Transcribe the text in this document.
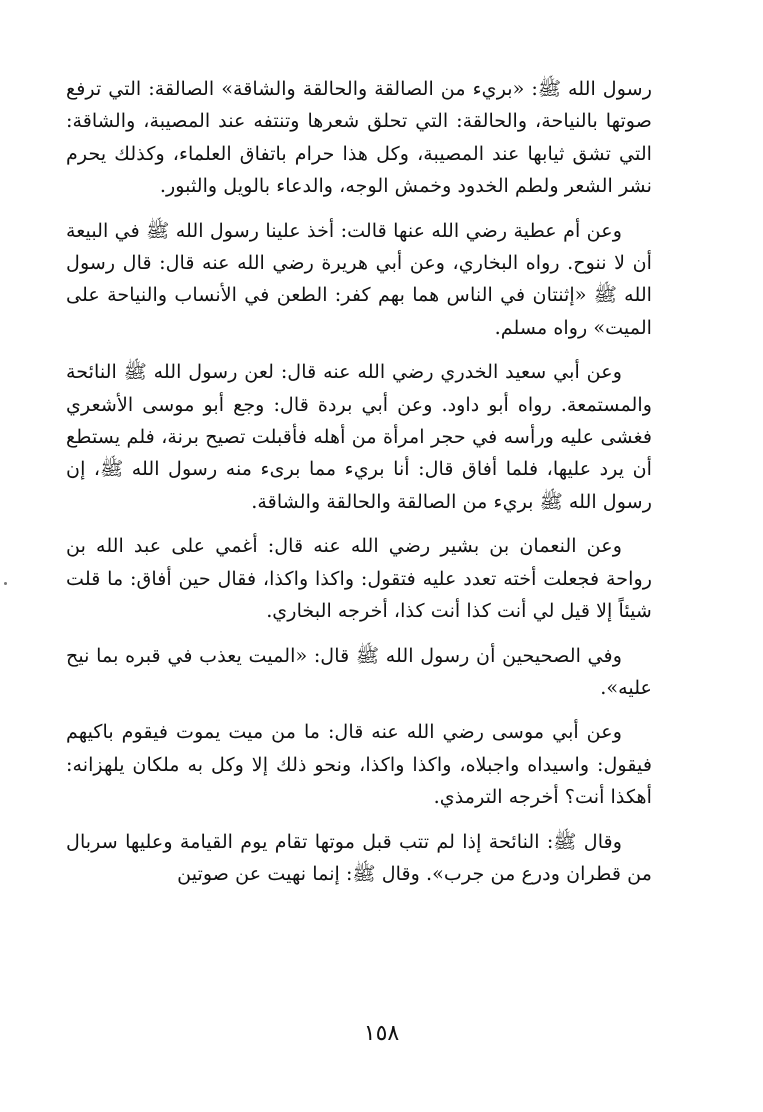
رسول الله ﷺ: «بريء من الصالقة والحالقة والشاقة» الصالقة: التي ترفع صوتها بالنياحة، والحالقة: التي تحلق شعرها وتنتفه عند المصيبة، والشاقة: التي تشق ثيابها عند المصيبة، وكل هذا حرام باتفاق العلماء، وكذلك يحرم نشر الشعر ولطم الخدود وخمش الوجه، والدعاء بالويل والثبور.

وعن أم عطية رضي الله عنها قالت: أخذ علينا رسول الله ﷺ في البيعة أن لا ننوح. رواه البخاري، وعن أبي هريرة رضي الله عنه قال: قال رسول الله ﷺ «إثنتان في الناس هما بهم كفر: الطعن في الأنساب والنياحة على الميت» رواه مسلم.

وعن أبي سعيد الخدري رضي الله عنه قال: لعن رسول الله ﷺ النائحة والمستمعة. رواه أبو داود. وعن أبي بردة قال: وجع أبو موسى الأشعري فغشى عليه ورأسه في حجر امرأة من أهله فأقبلت تصيح برنة، فلم يستطع أن يرد عليها، فلما أفاق قال: أنا بريء مما برىء منه رسول الله ﷺ، إن رسول الله ﷺ بريء من الصالقة والحالقة والشاقة.

وعن النعمان بن بشير رضي الله عنه قال: أغمي على عبد الله بن رواحة فجعلت أخته تعدد عليه فتقول: واكذا واكذا، فقال حين أفاق: ما قلت شيئاً إلا قيل لي أنت كذا أنت كذا، أخرجه البخاري.

وفي الصحيحين أن رسول الله ﷺ قال: «الميت يعذب في قبره بما نيح عليه».

وعن أبي موسى رضي الله عنه قال: ما من ميت يموت فيقوم باكيهم فيقول: واسيداه واجبلاه، واكذا واكذا، ونحو ذلك إلا وكل به ملكان يلهزانه: أهكذا أنت؟ أخرجه الترمذي.

وقال ﷺ: النائحة إذا لم تتب قبل موتها تقام يوم القيامة وعليها سربال من قطران ودرع من جرب». وقال ﷺ: إنما نهيت عن صوتين

١٥٨
